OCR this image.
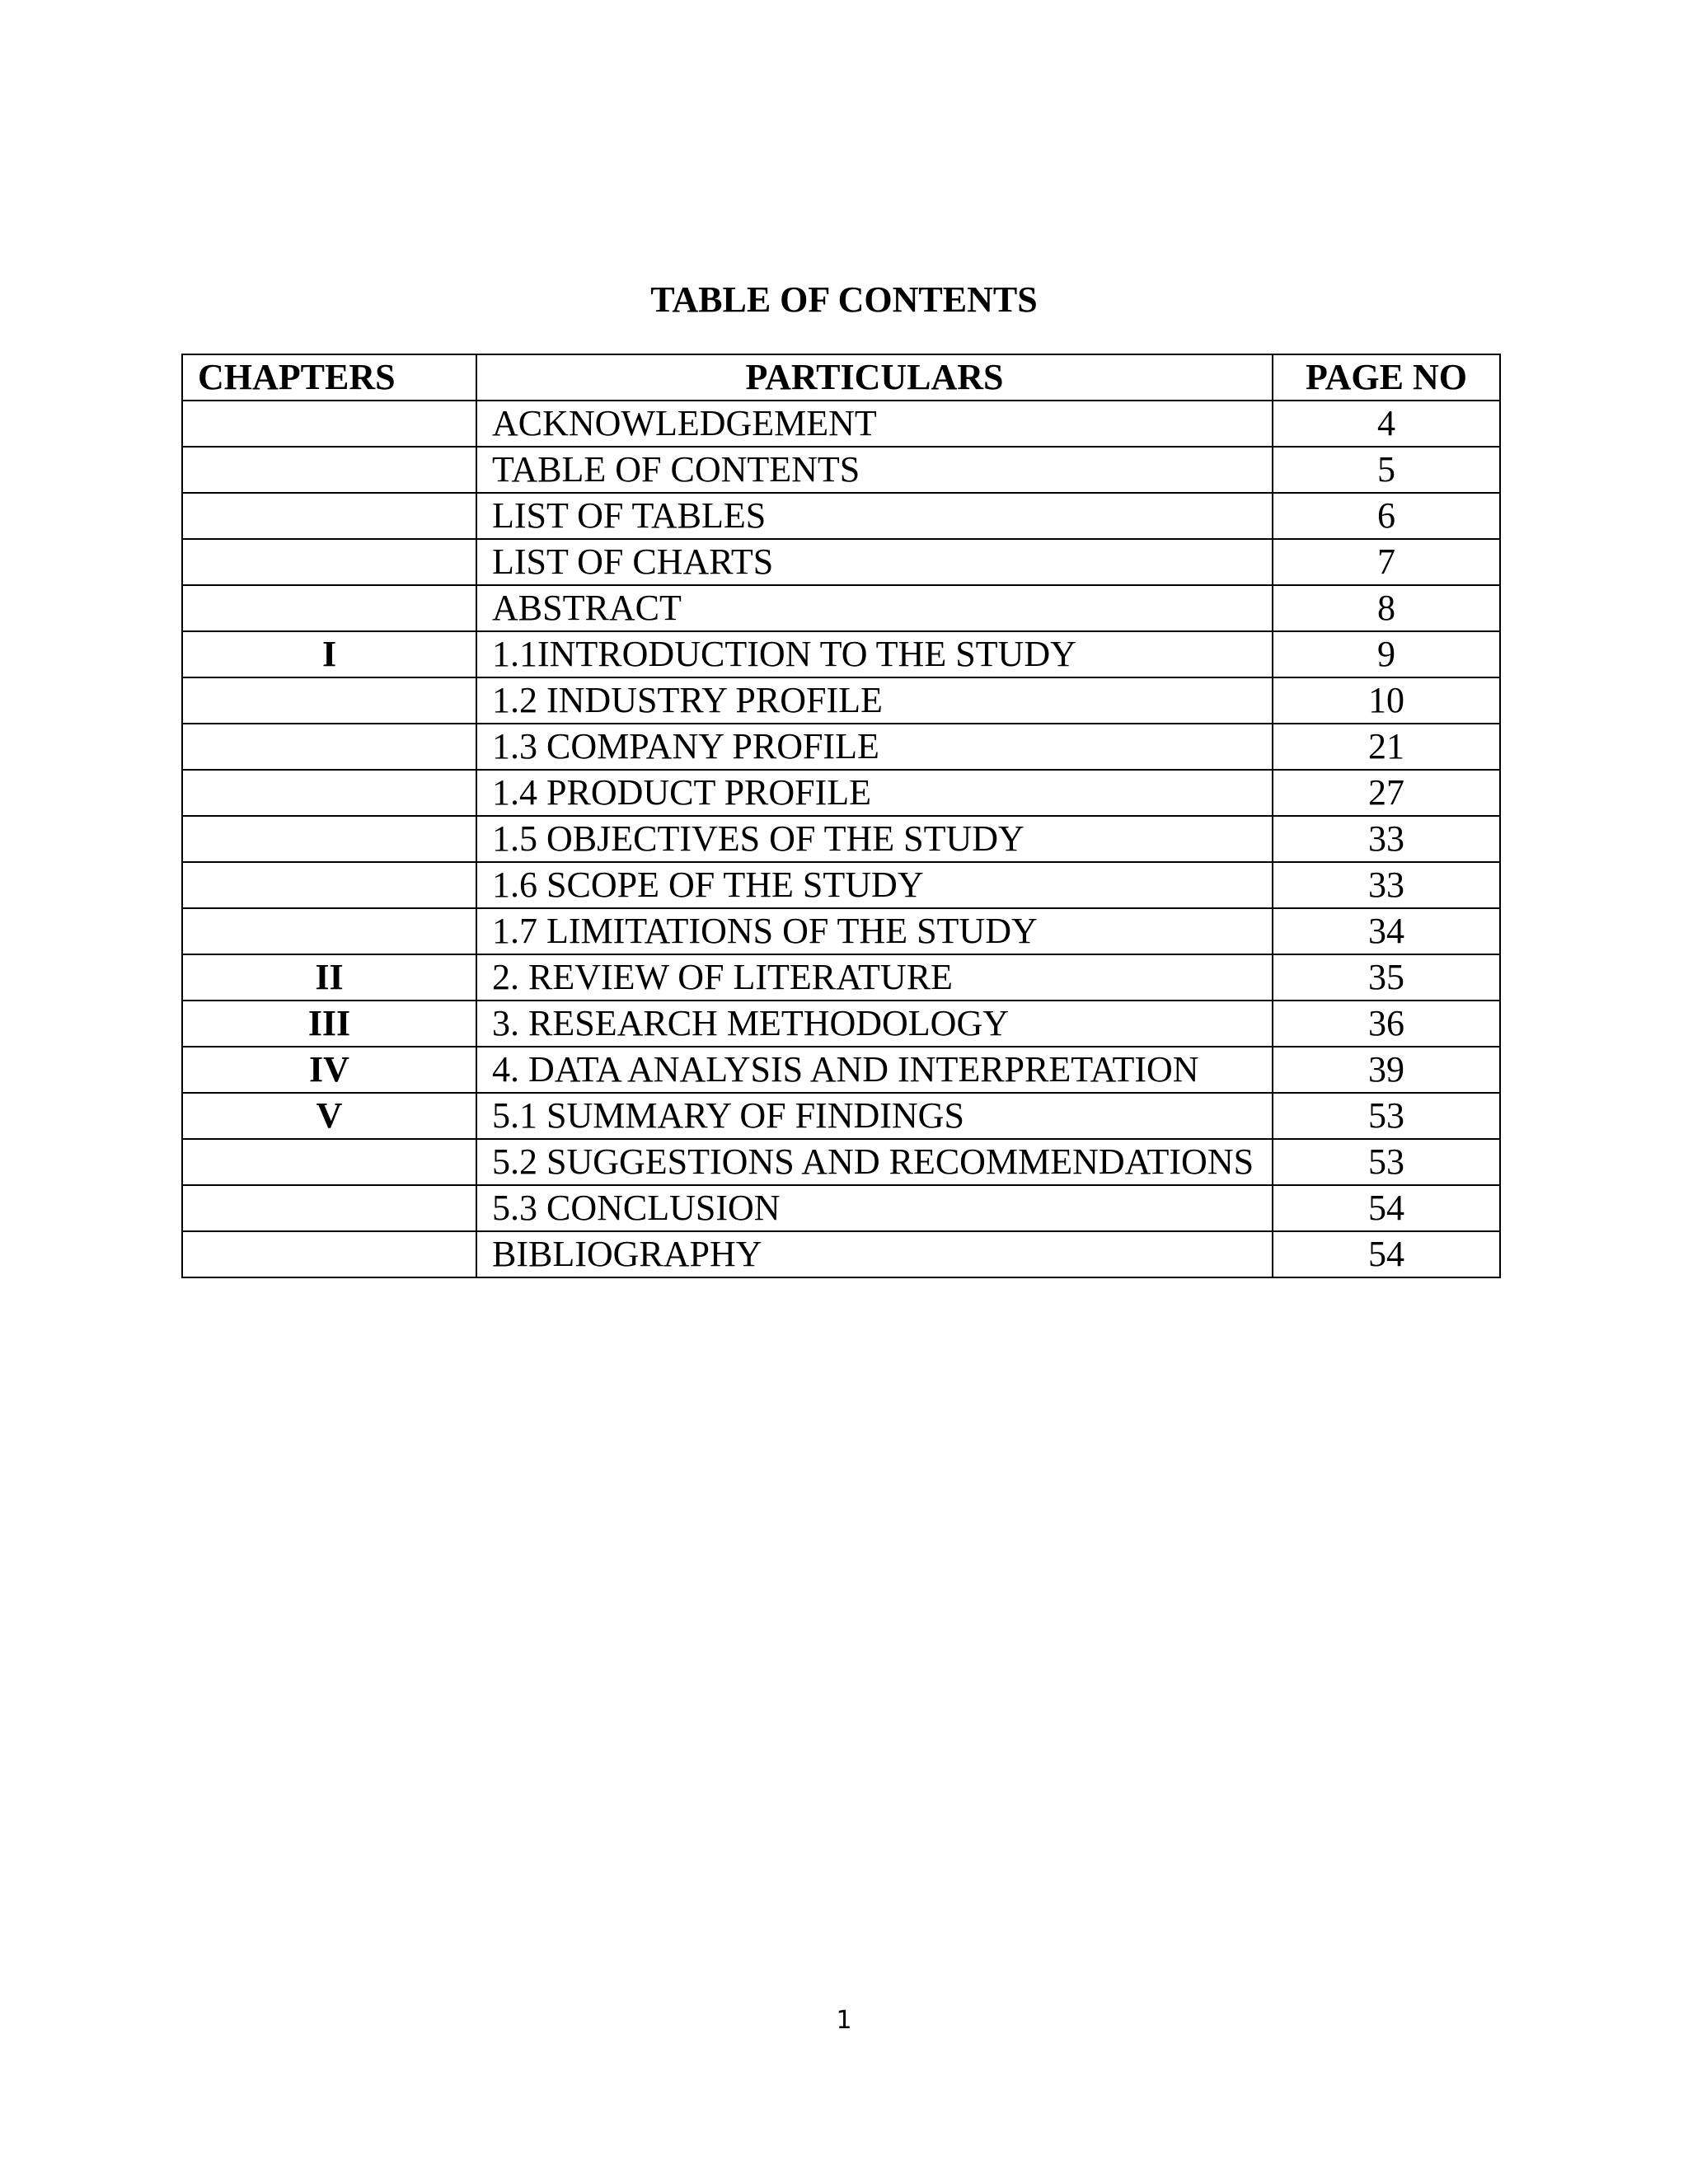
TABLE OF CONTENTS
CHAPTERS	PARTICULARS	PAGE NO
	ACKNOWLEDGEMENT	4
	TABLE OF CONTENTS	5
	LIST OF TABLES	6
	LIST OF CHARTS	7
	ABSTRACT	8
I	1.1INTRODUCTION TO THE STUDY	9
	1.2 INDUSTRY PROFILE	10
	1.3 COMPANY PROFILE	21
	1.4 PRODUCT PROFILE	27
	1.5 OBJECTIVES OF THE STUDY	33
	1.6 SCOPE OF THE STUDY	33
	1.7 LIMITATIONS OF THE STUDY	34
II	2. REVIEW OF LITERATURE	35
III	3. RESEARCH METHODOLOGY	36
IV	4. DATA ANALYSIS AND INTERPRETATION	39
V	5.1 SUMMARY OF FINDINGS	53
	5.2 SUGGESTIONS AND RECOMMENDATIONS	53
	5.3 CONCLUSION	54
	BIBLIOGRAPHY	54
1
